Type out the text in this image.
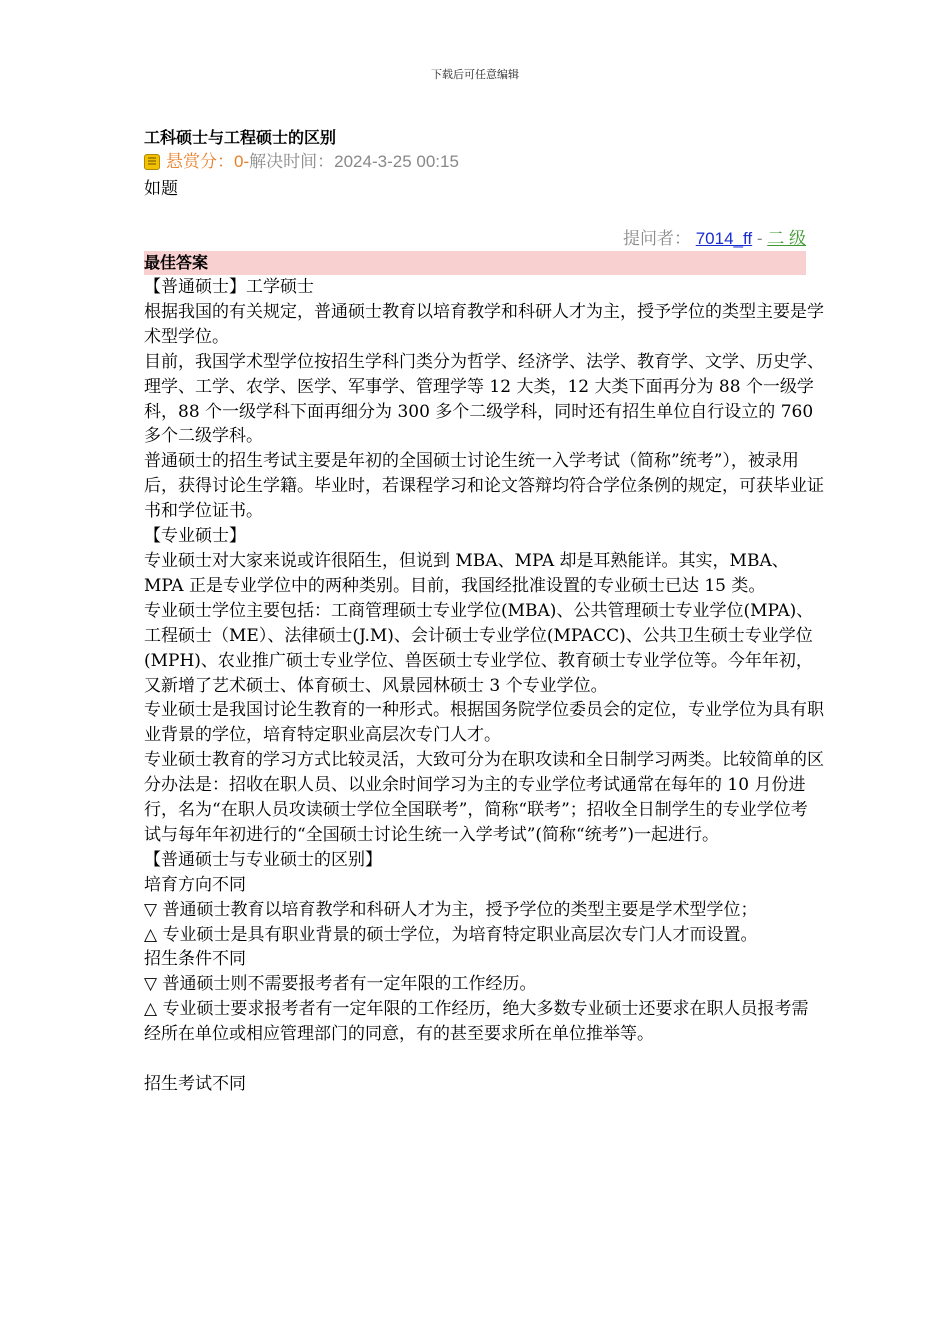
下载后可任意编辑
工科硕士与工程硕士的区别
悬赏分： 0 - 解决时间： 2024-3-25 00:15
如题
提问者： 7014_ff - 二 级
最佳答案

【普通硕士】工学硕士

根据我国的有关规定，普通硕士教育以培育教学和科研人才为主，授予学位的类型主要是学术型学位。

目前，我国学术型学位按招生学科门类分为哲学、经济学、法学、教育学、文学、历史学、理学、工学、农学、医学、军事学、管理学等 12 大类，12 大类下面再分为 88 个一级学科，88 个一级学科下面再细分为 300 多个二级学科，同时还有招生单位自行设立的 760 多个二级学科。

普通硕士的招生考试主要是年初的全国硕士讨论生统一入学考试（简称”统考”），被录用后，获得讨论生学籍。毕业时，若课程学习和论文答辩均符合学位条例的规定，可获毕业证书和学位证书。

【专业硕士】

专业硕士对大家来说或许很陌生，但说到 MBA、MPA 却是耳熟能详。其实，MBA、MPA 正是专业学位中的两种类别。目前，我国经批准设置的专业硕士已达 15 类。

专业硕士学位主要包括：工商管理硕士专业学位(MBA)、公共管理硕士专业学位(MPA)、工程硕士（ME）、法律硕士(J.M)、会计硕士专业学位(MPACC)、公共卫生硕士专业学位(MPH)、农业推广硕士专业学位、兽医硕士专业学位、教育硕士专业学位等。今年年初，又新增了艺术硕士、体育硕士、风景园林硕士 3 个专业学位。

专业硕士是我国讨论生教育的一种形式。根据国务院学位委员会的定位，专业学位为具有职业背景的学位，培育特定职业高层次专门人才。

专业硕士教育的学习方式比较灵活，大致可分为在职攻读和全日制学习两类。比较简单的区分办法是：招收在职人员、以业余时间学习为主的专业学位考试通常在每年的 10 月份进行，名为“在职人员攻读硕士学位全国联考”，简称“联考”；招收全日制学生的专业学位考试与每年年初进行的“全国硕士讨论生统一入学考试”(简称“统考”)一起进行。

【普通硕士与专业硕士的区别】

培育方向不同

▽ 普通硕士教育以培育教学和科研人才为主，授予学位的类型主要是学术型学位；

△ 专业硕士是具有职业背景的硕士学位，为培育特定职业高层次专门人才而设置。

招生条件不同

▽ 普通硕士则不需要报考者有一定年限的工作经历。

△ 专业硕士要求报考者有一定年限的工作经历，绝大多数专业硕士还要求在职人员报考需经所在单位或相应管理部门的同意，有的甚至要求所在单位推举等。

招生考试不同
